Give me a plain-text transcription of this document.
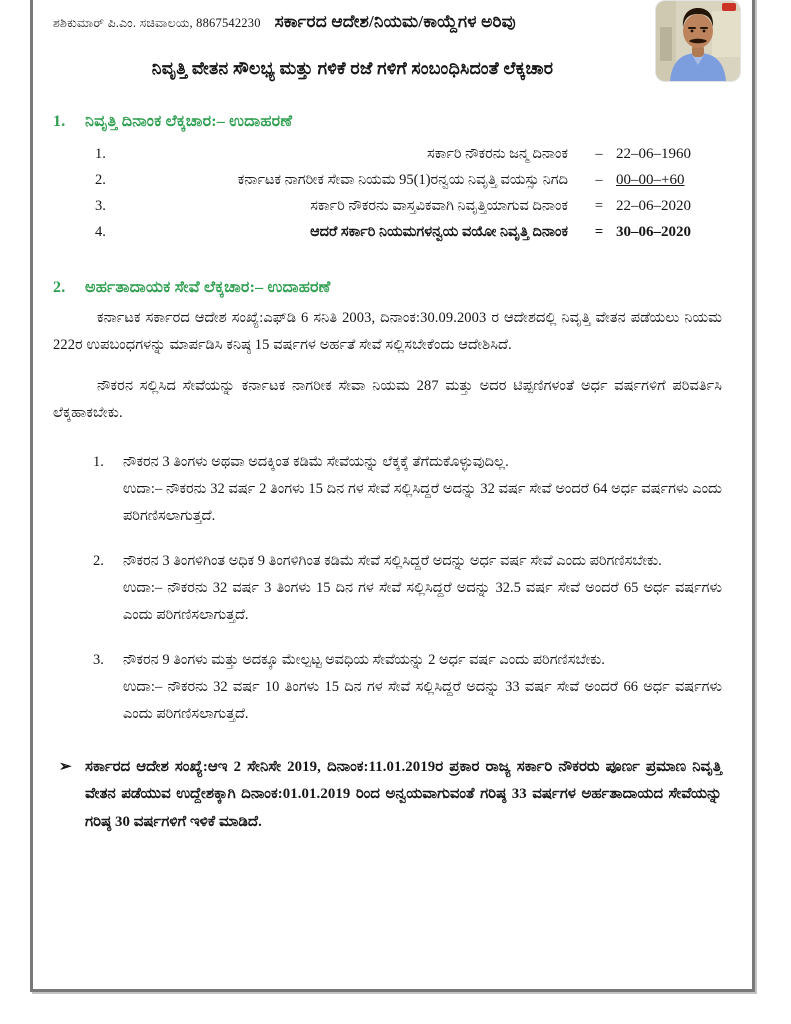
ಶಶಿಕುಮಾರ್ ಪಿ.ಎಂ. ಸಚಿವಾಲಯ, 8867542230 ಸರ್ಕಾರದ ಆದೇಶ/ನಿಯಮ/ಕಾಯ್ದೆಗಳ ಅರಿವು
ನಿವೃತ್ತಿ ವೇತನ ಸೌಲಭ್ಯ ಮತ್ತು ಗಳಿಕೆ ರಜೆ ಗಳಿಗೆ ಸಂಬಂಧಿಸಿದಂತೆ ಲೆಕ್ಕಚಾರ
1.	ನಿವೃತ್ತಿ ದಿನಾಂಕ ಲೆಕ್ಕಚಾರ:– ಉದಾಹರಣೆ
1.	ಸರ್ಕಾರಿ ನೌಕರನು ಜನ್ಮ ದಿನಾಂಕ	– 22–06–1960
2.	ಕರ್ನಾಟಕ ನಾಗರೀಕ ಸೇವಾ ನಿಯಮ 95(1)ರನ್ವಯ ನಿವೃತ್ತಿ ವಯಸ್ಸು ನಿಗದಿ	– 00–00–+60
3.	ಸರ್ಕಾರಿ ನೌಕರನು ವಾಸ್ತವಿಕವಾಗಿ ನಿವೃತ್ತಿಯಾಗುವ ದಿನಾಂಕ	= 22–06–2020
4.	ಆದರೆ ಸರ್ಕಾರಿ ನಿಯಮಗಳನ್ವಯ ವಯೋ ನಿವೃತ್ತಿ ದಿನಾಂಕ	= 30–06–2020
2.	ಅರ್ಹತಾದಾಯಕ ಸೇವೆ ಲೆಕ್ಕಚಾರ:– ಉದಾಹರಣೆ

ಕರ್ನಾಟಕ ಸರ್ಕಾರದ ಆದೇಶ ಸಂಖ್ಯೆ:ಎಫ್‌ಡಿ 6 ಸನಿತಿ 2003, ದಿನಾಂಕ:30.09.2003 ರ ಆದೇಶದಲ್ಲಿ ನಿವೃತ್ತಿ ವೇತನ ಪಡೆಯಲು ನಿಯಮ 222ರ ಉಪಬಂಧಗಳನ್ನು ಮಾರ್ಪಡಿಸಿ ಕನಿಷ್ಠ 15 ವರ್ಷಗಳ ಅರ್ಹತೆ ಸೇವೆ ಸಲ್ಲಿಸಬೇಕೆಂದು ಆದೇಶಿಸಿದೆ.

ನೌಕರನ ಸಲ್ಲಿಸಿದ ಸೇವೆಯನ್ನು ಕರ್ನಾಟಕ ನಾಗರೀಕ ಸೇವಾ ನಿಯಮ 287 ಮತ್ತು ಅದರ ಟಿಪ್ಪಣಿಗಳಂತೆ ಅರ್ಧ ವರ್ಷಗಳಿಗೆ ಪರಿವರ್ತಿಸಿ ಲೆಕ್ಕಹಾಕಬೇಕು.

1.	ನೌಕರನ 3 ತಿಂಗಳು ಅಥವಾ ಅದಕ್ಕಿಂತ ಕಡಿಮೆ ಸೇವೆಯನ್ನು ಲೆಕ್ಕಕ್ಕೆ ತೆಗೆದುಕೊಳ್ಳುವುದಿಲ್ಲ.
ಉದಾ:– ನೌಕರನು 32 ವರ್ಷ 2 ತಿಂಗಳು 15 ದಿನ ಗಳ ಸೇವೆ ಸಲ್ಲಿಸಿದ್ದರೆ ಅದನ್ನು 32 ವರ್ಷ ಸೇವೆ ಅಂದರೆ 64 ಅರ್ಧ ವರ್ಷಗಳು ಎಂದು ಪರಿಗಣಿಸಲಾಗುತ್ತದೆ.
2.	ನೌಕರನ 3 ತಿಂಗಳಿಗಿಂತ ಅಧಿಕ 9 ತಿಂಗಳಿಗಿಂತ ಕಡಿಮೆ ಸೇವೆ ಸಲ್ಲಿಸಿದ್ದರೆ ಅದನ್ನು ಅರ್ಧ ವರ್ಷ ಸೇವೆ ಎಂದು ಪರಿಗಣಿಸಬೇಕು.
ಉದಾ:– ನೌಕರನು 32 ವರ್ಷ 3 ತಿಂಗಳು 15 ದಿನ ಗಳ ಸೇವೆ ಸಲ್ಲಿಸಿದ್ದರೆ ಅದನ್ನು 32.5 ವರ್ಷ ಸೇವೆ ಅಂದರೆ 65 ಅರ್ಧ ವರ್ಷಗಳು ಎಂದು ಪರಿಗಣಿಸಲಾಗುತ್ತದೆ.
3.	ನೌಕರನ 9 ತಿಂಗಳು ಮತ್ತು ಅದಕ್ಕೂ ಮೇಲ್ಪಟ್ಟ ಅವಧಿಯ ಸೇವೆಯನ್ನು 2 ಅರ್ಧ ವರ್ಷ ಎಂದು ಪರಿಗಣಿಸಬೇಕು.
ಉದಾ:– ನೌಕರನು 32 ವರ್ಷ 10 ತಿಂಗಳು 15 ದಿನ ಗಳ ಸೇವೆ ಸಲ್ಲಿಸಿದ್ದರೆ ಅದನ್ನು 33 ವರ್ಷ ಸೇವೆ ಅಂದರೆ 66 ಅರ್ಧ ವರ್ಷಗಳು ಎಂದು ಪರಿಗಣಿಸಲಾಗುತ್ತದೆ.
➢ ಸರ್ಕಾರದ ಆದೇಶ ಸಂಖ್ಯೆ:ಆಇ 2 ಸೇನಿಸೇ 2019, ದಿನಾಂಕ:11.01.2019ರ ಪ್ರಕಾರ ರಾಜ್ಯ ಸರ್ಕಾರಿ ನೌಕರರು ಪೂರ್ಣ ಪ್ರಮಾಣ ನಿವೃತ್ತಿ ವೇತನ ಪಡೆಯುವ ಉದ್ದೇಶಕ್ಕಾಗಿ ದಿನಾಂಕ:01.01.2019 ರಿಂದ ಅನ್ವಯವಾಗುವಂತೆ ಗರಿಷ್ಠ 33 ವರ್ಷಗಳ ಅರ್ಹತಾದಾಯದ ಸೇವೆಯನ್ನು ಗರಿಷ್ಠ 30 ವರ್ಷಗಳಿಗೆ ಇಳಿಕೆ ಮಾಡಿದೆ.
